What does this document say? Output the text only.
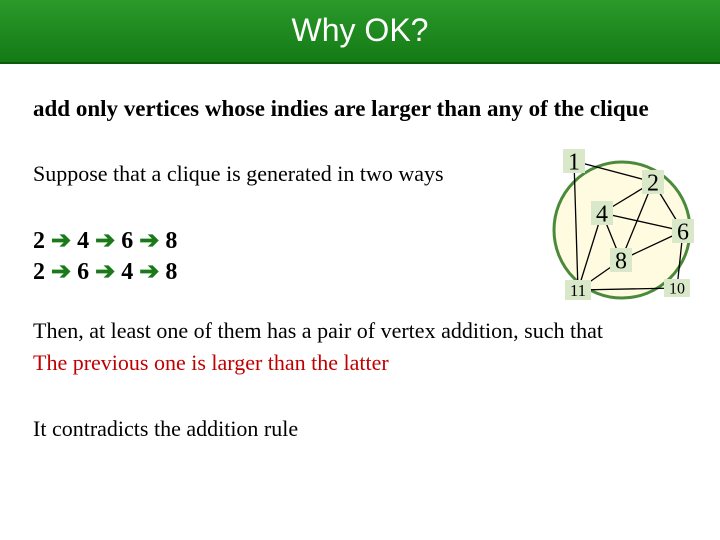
Why OK?
add only vertices whose indies are larger than any of the clique
Suppose that a clique is generated in two ways
2 ➔ 4 ➔ 6 ➔ 8
2 ➔ 6 ➔ 4 ➔ 8
1
2
4
6
8
11	10
Then, at least one of them has a pair of vertex addition, such that
The previous one is larger than the latter
It contradicts the addition rule
